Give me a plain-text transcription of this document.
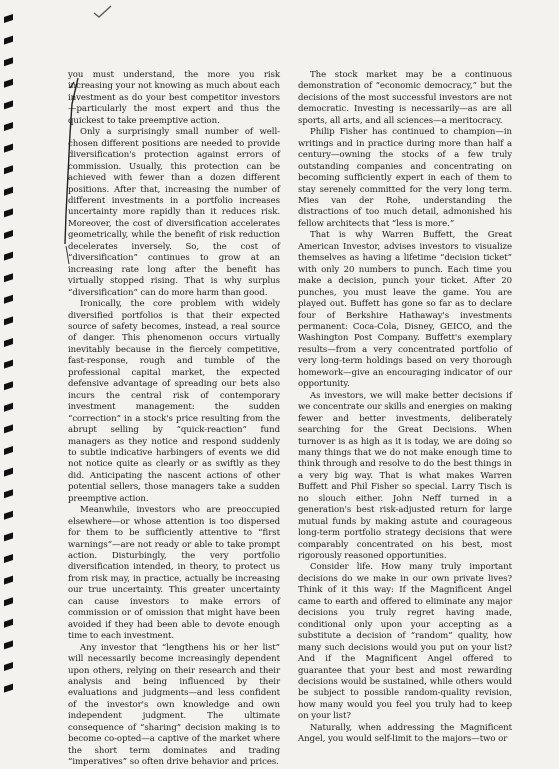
you must understand, the more you risk increasing your not knowing as much about each investment as do your best competitor investors—particularly the most expert and thus the quickest to take preemptive action.

Only a surprisingly small number of well-chosen different positions are needed to provide diversification's protection against errors of commission. Usually, this protection can be achieved with fewer than a dozen different positions. After that, increasing the number of different investments in a portfolio increases uncertainty more rapidly than it reduces risk. Moreover, the cost of diversification accelerates geometrically, while the benefit of risk reduction decelerates inversely. So, the cost of “diversification” continues to grow at an increasing rate long after the benefit has virtually stopped rising. That is why surplus “diversification” can do more harm than good.

Ironically, the core problem with widely diversified portfolios is that their expected source of safety becomes, instead, a real source of danger. This phenomenon occurs virtually inevitably because in the fiercely competitive, fast-response, rough and tumble of the professional capital market, the expected defensive advantage of spreading our bets also incurs the central risk of contemporary investment management: the sudden “correction” in a stock's price resulting from the abrupt selling by “quick-reaction” fund managers as they notice and respond suddenly to subtle indicative harbingers of events we did not notice quite as clearly or as swiftly as they did. Anticipating the nascent actions of other potential sellers, those managers take a sudden preemptive action.

Meanwhile, investors who are preoccupied elsewhere—or whose attention is too dispersed for them to be sufficiently attentive to “first warnings”—are not ready or able to take prompt action. Disturbingly, the very portfolio diversification intended, in theory, to protect us from risk may, in practice, actually be increasing our true uncertainty. This greater uncertainty can cause investors to make errors of commission or of omission that might have been avoided if they had been able to devote enough time to each investment.

Any investor that “lengthens his or her list” will necessarily become increasingly dependent upon others, relying on their research and their analysis and being influenced by their evaluations and judgments—and less confident of the investor's own knowledge and own independent judgment. The ultimate consequence of “sharing” decision making is to become co-opted—a captive of the market where the short term dominates and trading “imperatives” so often drive behavior and prices.

The stock market may be a continuous demonstration of “economic democracy,” but the decisions of the most successful investors are not democratic. Investing is necessarily—as are all sports, all arts, and all sciences—a meritocracy.

Philip Fisher has continued to champion—in writings and in practice during more than half a century—owning the stocks of a few truly outstanding companies and concentrating on becoming sufficiently expert in each of them to stay serenely committed for the very long term. Mies van der Rohe, understanding the distractions of too much detail, admonished his fellow architects that “less is more.”

That is why Warren Buffett, the Great American Investor, advises investors to visualize themselves as having a lifetime “decision ticket” with only 20 numbers to punch. Each time you make a decision, punch your ticket. After 20 punches, you must leave the game. You are played out. Buffett has gone so far as to declare four of Berkshire Hathaway's investments permanent: Coca-Cola, Disney, GEICO, and the Washington Post Company. Buffett's exemplary results—from a very concentrated portfolio of very long-term holdings based on very thorough homework—give an encouraging indicator of our opportunity.

As investors, we will make better decisions if we concentrate our skills and energies on making fewer and better investments, deliberately searching for the Great Decisions. When turnover is as high as it is today, we are doing so many things that we do not make enough time to think through and resolve to do the best things in a very big way. That is what makes Warren Buffett and Phil Fisher so special. Larry Tisch is no slouch either. John Neff turned in a generation's best risk-adjusted return for large mutual funds by making astute and courageous long-term portfolio strategy decisions that were comparably concentrated on his best, most rigorously reasoned opportunities.

Consider life. How many truly important decisions do we make in our own private lives? Think of it this way: If the Magnificent Angel came to earth and offered to eliminate any major decisions you truly regret having made, conditional only upon your accepting as a substitute a decision of “random” quality, how many such decisions would you put on your list? And if the Magnificent Angel offered to guarantee that your best and most rewarding decisions would be sustained, while others would be subject to possible random-quality revision, how many would you feel you truly had to keep on your list?

Naturally, when addressing the Magnificent Angel, you would self-limit to the majors—two or
